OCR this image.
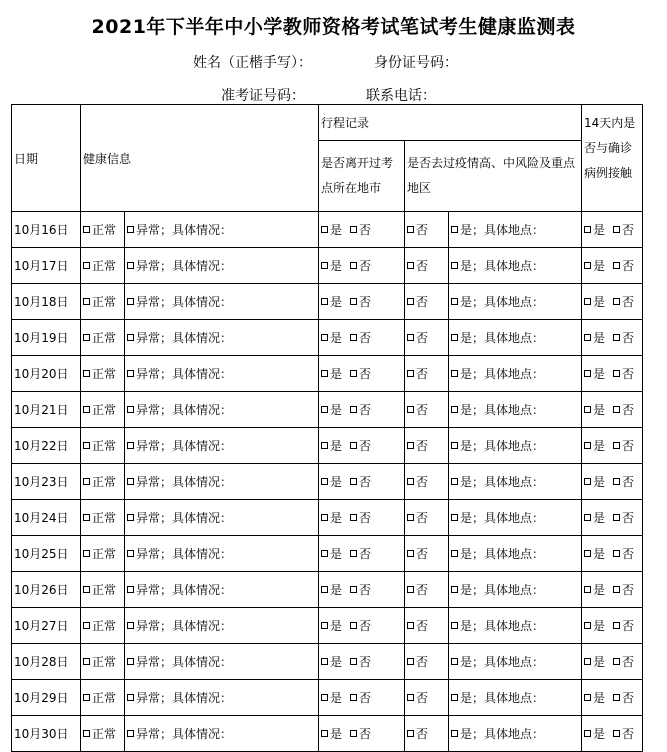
2021年下半年中小学教师资格考试笔试考生健康监测表
姓名（正楷手写）：	身份证号码：
准考证号码：	联系电话：
日期	健康信息		行程记录			14天内是否与确诊病例接触
			是否离开过考点所在地市	是否去过疫情高、中风险及重点地区		
10月16日	正常	异常；具体情况：	是 否	否	是；具体地点：	是 否
10月17日	正常	异常；具体情况：	是 否	否	是；具体地点：	是 否
10月18日	正常	异常；具体情况：	是 否	否	是；具体地点：	是 否
10月19日	正常	异常；具体情况：	是 否	否	是；具体地点：	是 否
10月20日	正常	异常；具体情况：	是 否	否	是；具体地点：	是 否
10月21日	正常	异常；具体情况：	是 否	否	是；具体地点：	是 否
10月22日	正常	异常；具体情况：	是 否	否	是；具体地点：	是 否
10月23日	正常	异常；具体情况：	是 否	否	是；具体地点：	是 否
10月24日	正常	异常；具体情况：	是 否	否	是；具体地点：	是 否
10月25日	正常	异常；具体情况：	是 否	否	是；具体地点：	是 否
10月26日	正常	异常；具体情况：	是 否	否	是；具体地点：	是 否
10月27日	正常	异常；具体情况：	是 否	否	是；具体地点：	是 否
10月28日	正常	异常；具体情况：	是 否	否	是；具体地点：	是 否
10月29日	正常	异常；具体情况：	是 否	否	是；具体地点：	是 否
10月30日	正常	异常；具体情况：	是 否	否	是；具体地点：	是 否
